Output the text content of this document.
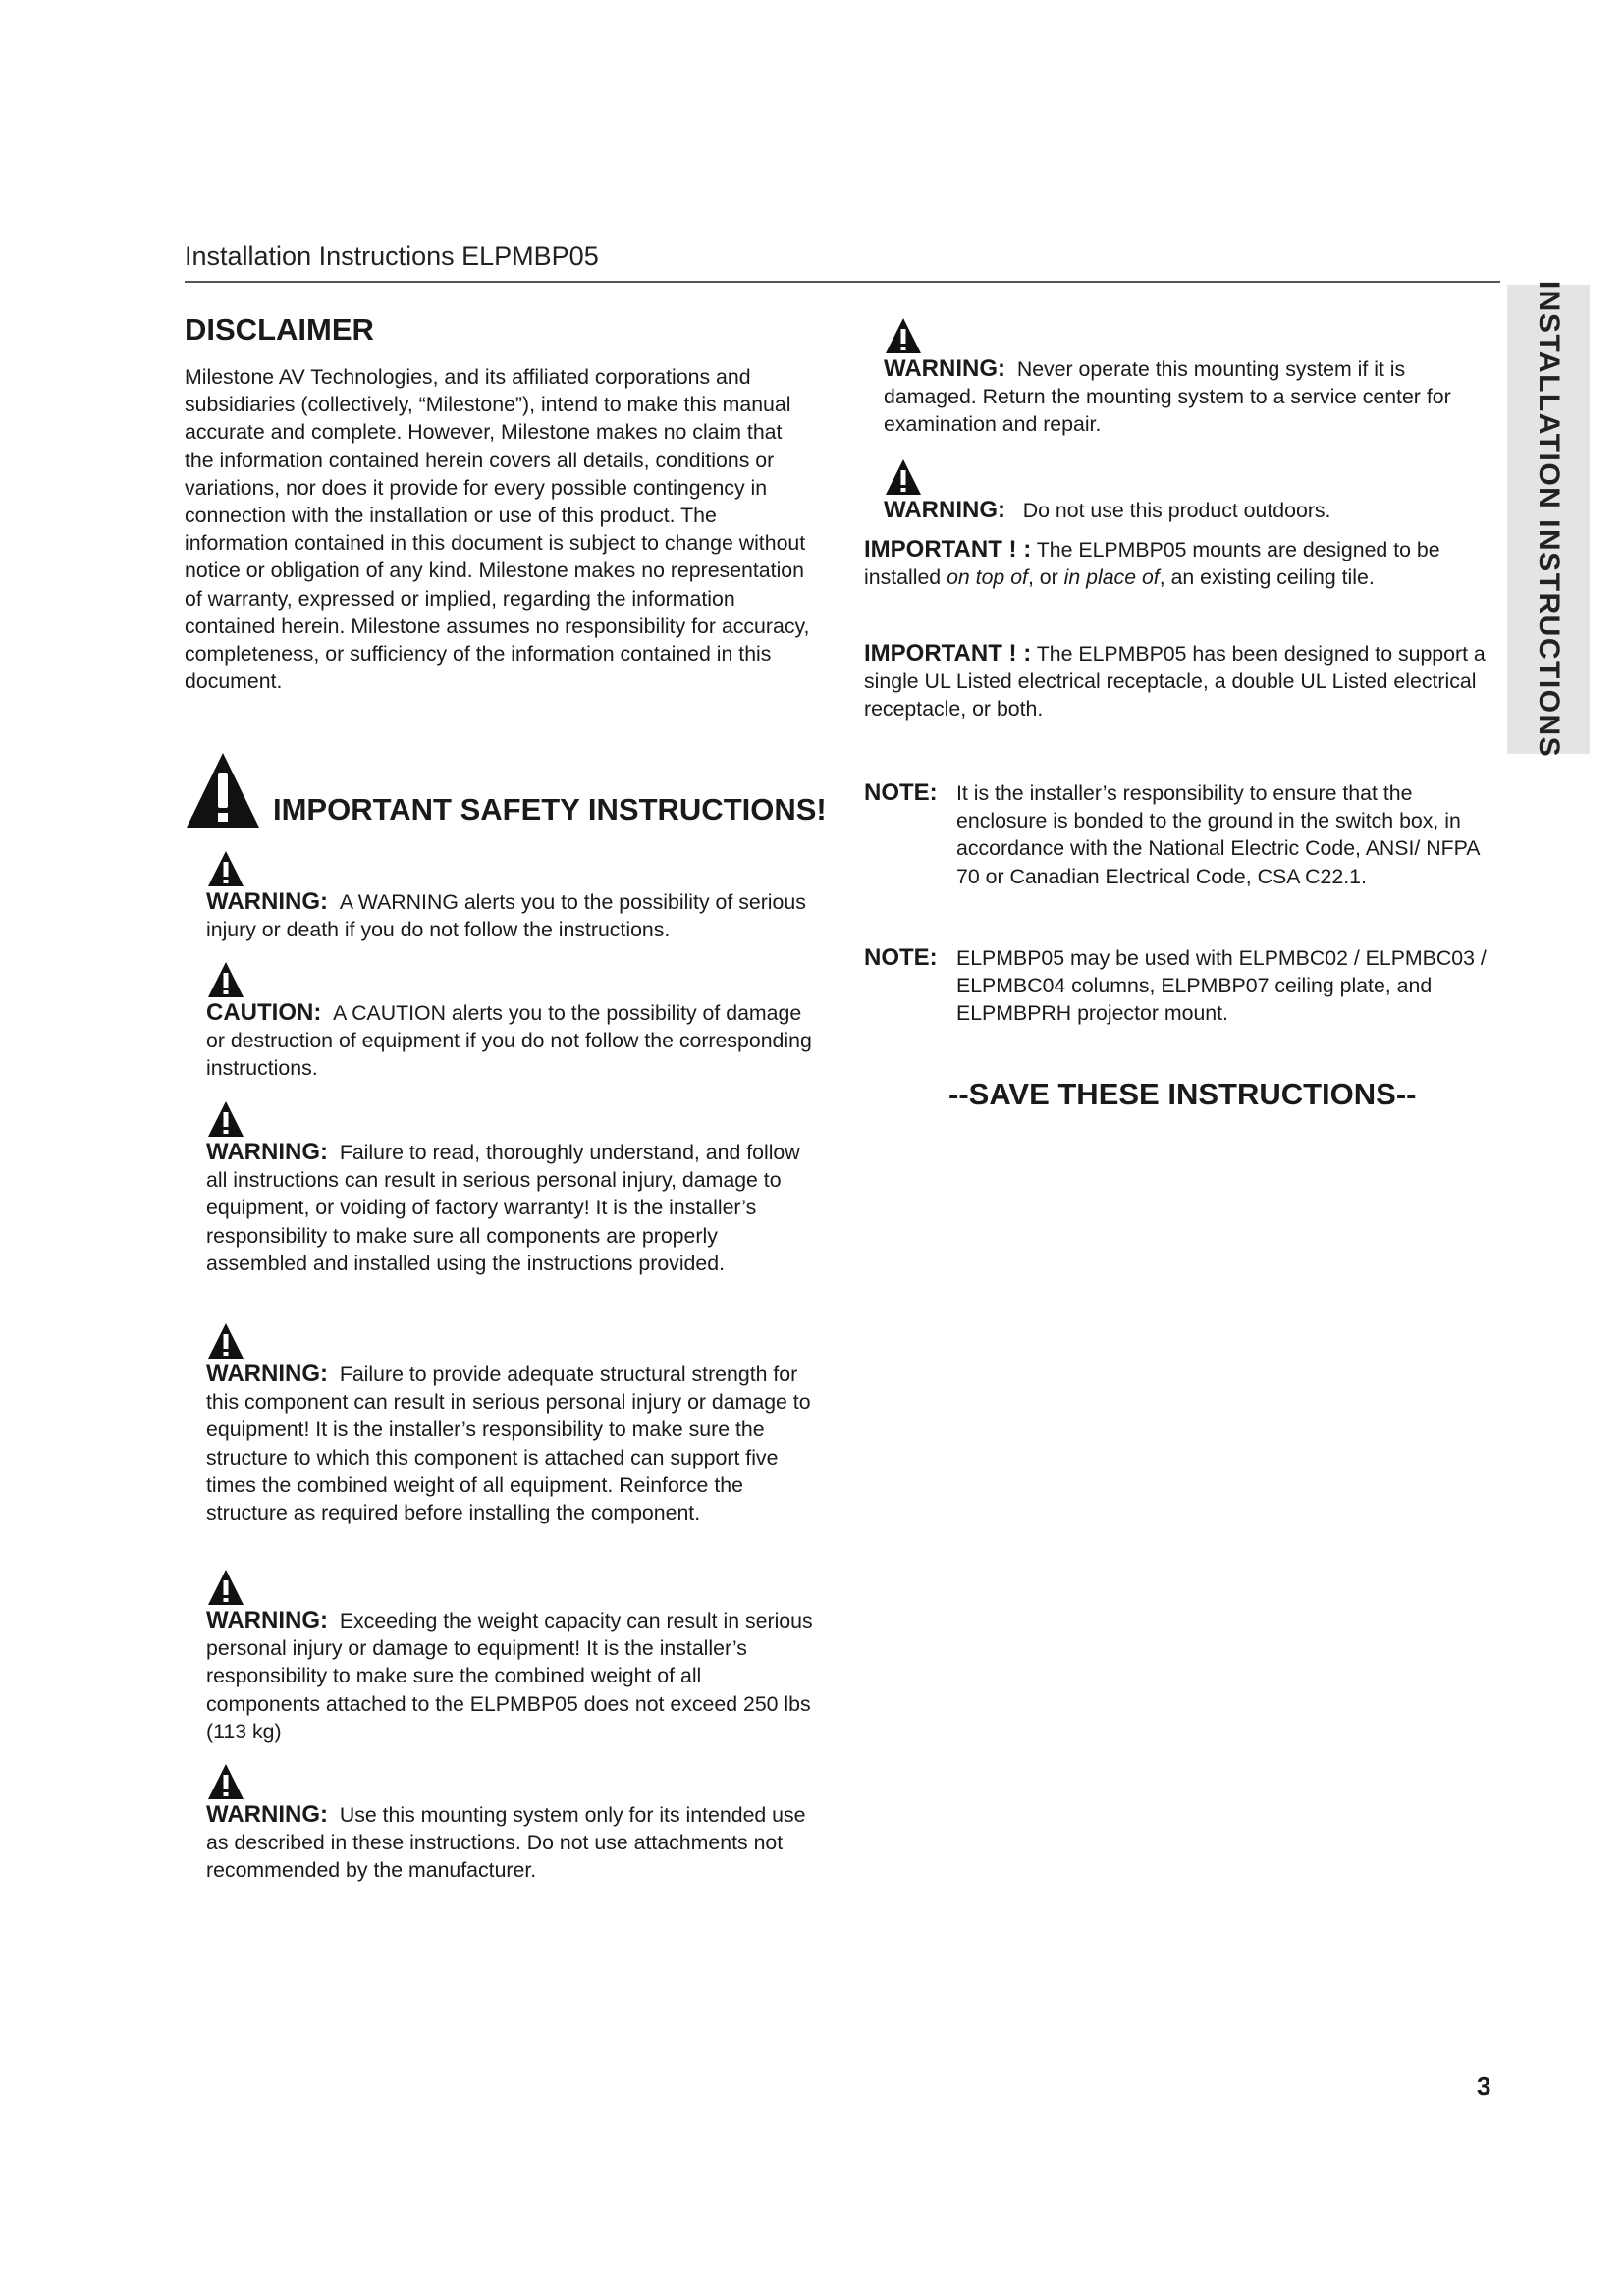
Installation Instructions ELPMBP05
INSTALLATION INSTRUCTIONS
DISCLAIMER

Milestone AV Technologies, and its affiliated corporations and subsidiaries (collectively, “Milestone”), intend to make this manual accurate and complete. However, Milestone makes no claim that the information contained herein covers all details, conditions or variations, nor does it provide for every possible contingency in connection with the installation or use of this product. The information contained in this document is subject to change without notice or obligation of any kind. Milestone makes no representation of warranty, expressed or implied, regarding the information contained herein. Milestone assumes no responsibility for accuracy, completeness, or sufficiency of the information contained in this document.

IMPORTANT SAFETY INSTRUCTIONS!

WARNING: A WARNING alerts you to the possibility of serious injury or death if you do not follow the instructions.

CAUTION: A CAUTION alerts you to the possibility of damage or destruction of equipment if you do not follow the corresponding instructions.

WARNING: Failure to read, thoroughly understand, and follow all instructions can result in serious personal injury, damage to equipment, or voiding of factory warranty! It is the installer’s responsibility to make sure all components are properly assembled and installed using the instructions provided.

WARNING: Failure to provide adequate structural strength for this component can result in serious personal injury or damage to equipment! It is the installer’s responsibility to make sure the structure to which this component is attached can support five times the combined weight of all equipment. Reinforce the structure as required before installing the component.

WARNING: Exceeding the weight capacity can result in serious personal injury or damage to equipment! It is the installer’s responsibility to make sure the combined weight of all components attached to the ELPMBP05 does not exceed 250 lbs (113 kg)

WARNING: Use this mounting system only for its intended use as described in these instructions. Do not use attachments not recommended by the manufacturer.

WARNING: Never operate this mounting system if it is damaged. Return the mounting system to a service center for examination and repair.

WARNING: Do not use this product outdoors.

IMPORTANT ! : The ELPMBP05 mounts are designed to be installed on top of, or in place of, an existing ceiling tile.

IMPORTANT ! : The ELPMBP05 has been designed to support a single UL Listed electrical receptacle, a double UL Listed electrical receptacle, or both.

NOTE: It is the installer’s responsibility to ensure that the enclosure is bonded to the ground in the switch box, in accordance with the National Electric Code, ANSI/ NFPA 70 or Canadian Electrical Code, CSA C22.1.
NOTE: ELPMBP05 may be used with ELPMBC02 / ELPMBC03 / ELPMBC04 columns, ELPMBP07 ceiling plate, and ELPMBPRH projector mount.
--SAVE THESE INSTRUCTIONS--
3
